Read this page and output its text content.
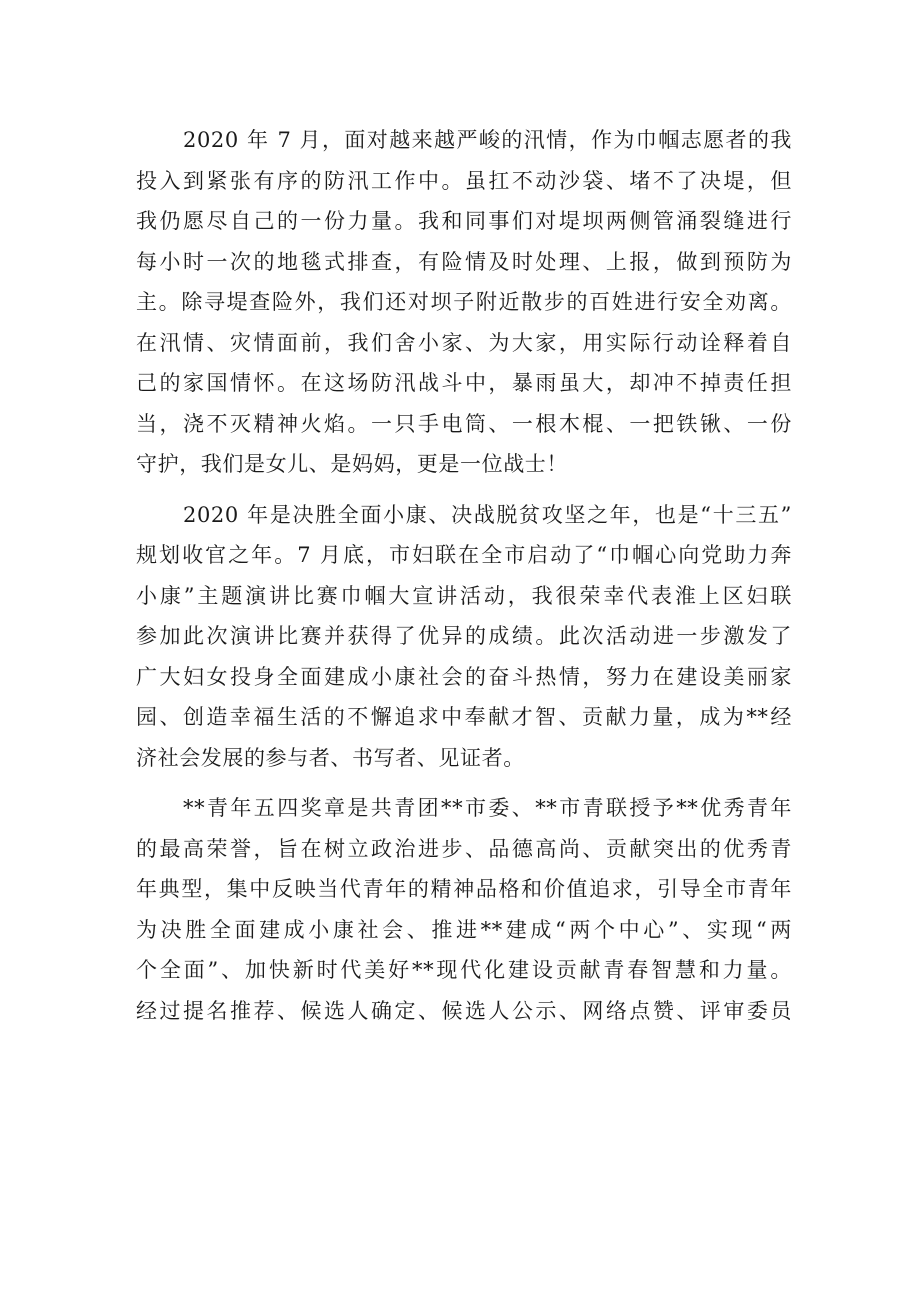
2020 年 7 月，面对越来越严峻的汛情，作为巾帼志愿者的我
投入到紧张有序的防汛工作中。虽扛不动沙袋、堵不了决堤，但
我仍愿尽自己的一份力量。我和同事们对堤坝两侧管涌裂缝进行
每小时一次的地毯式排查，有险情及时处理、上报，做到预防为
主。除寻堤查险外，我们还对坝子附近散步的百姓进行安全劝离。
在汛情、灾情面前，我们舍小家、为大家，用实际行动诠释着自
己的家国情怀。在这场防汛战斗中，暴雨虽大，却冲不掉责任担
当，浇不灭精神火焰。一只手电筒、一根木棍、一把铁锹、一份
守护，我们是女儿、是妈妈，更是一位战士！
2020 年是决胜全面小康、决战脱贫攻坚之年，也是“十三五”
规划收官之年。7 月底，市妇联在全市启动了“巾帼心向党助力奔
小康”主题演讲比赛巾帼大宣讲活动，我很荣幸代表淮上区妇联
参加此次演讲比赛并获得了优异的成绩。此次活动进一步激发了
广大妇女投身全面建成小康社会的奋斗热情，努力在建设美丽家
园、创造幸福生活的不懈追求中奉献才智、贡献力量，成为**经
济社会发展的参与者、书写者、见证者。
**青年五四奖章是共青团**市委、**市青联授予**优秀青年
的最高荣誉，旨在树立政治进步、品德高尚、贡献突出的优秀青
年典型，集中反映当代青年的精神品格和价值追求，引导全市青年
为决胜全面建成小康社会、推进**建成“两个中心”、实现“两
个全面”、加快新时代美好**现代化建设贡献青春智慧和力量。
经过提名推荐、候选人确定、候选人公示、网络点赞、评审委员
